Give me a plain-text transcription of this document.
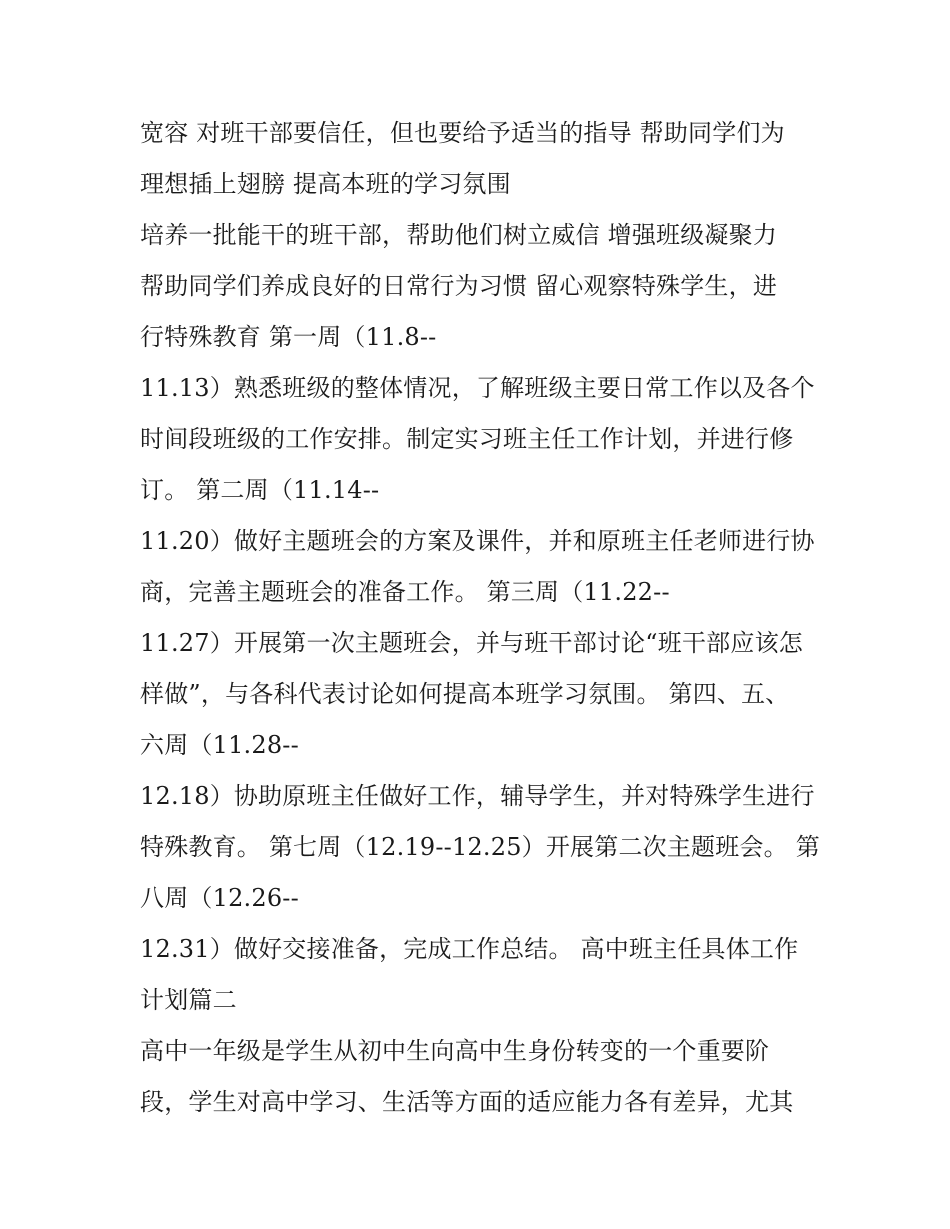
宽容 对班干部要信任，但也要给予适当的指导 帮助同学们为
理想插上翅膀 提高本班的学习氛围
培养一批能干的班干部，帮助他们树立威信 增强班级凝聚力
帮助同学们养成良好的日常行为习惯 留心观察特殊学生，进
行特殊教育 第一周（11.8--
11.13）熟悉班级的整体情况，了解班级主要日常工作以及各个
时间段班级的工作安排。制定实习班主任工作计划，并进行修
订。 第二周（11.14--
11.20）做好主题班会的方案及课件，并和原班主任老师进行协
商，完善主题班会的准备工作。 第三周（11.22--
11.27）开展第一次主题班会，并与班干部讨论“班干部应该怎
样做”，与各科代表讨论如何提高本班学习氛围。 第四、五、
六周（11.28--
12.18）协助原班主任做好工作，辅导学生，并对特殊学生进行
特殊教育。 第七周（12.19--12.25）开展第二次主题班会。 第
八周（12.26--
12.31）做好交接准备，完成工作总结。 高中班主任具体工作
计划篇二
高中一年级是学生从初中生向高中生身份转变的一个重要阶
段，学生对高中学习、生活等方面的适应能力各有差异，尤其
